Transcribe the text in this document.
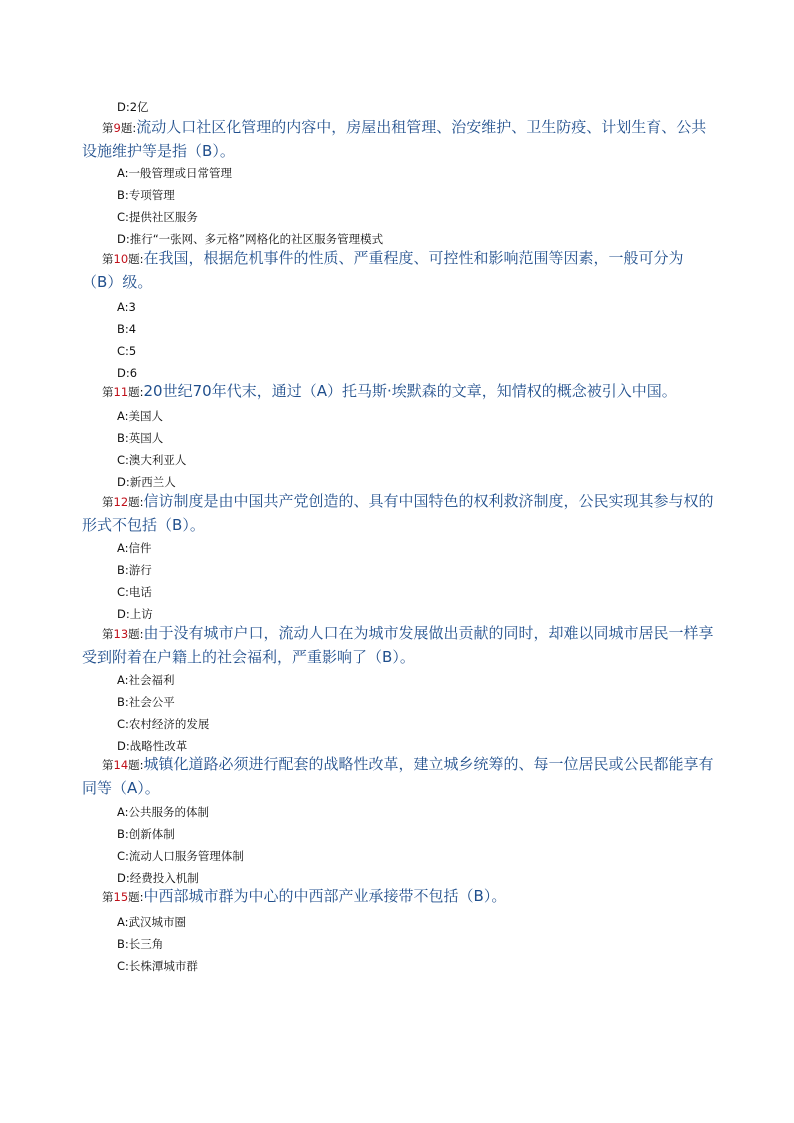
D:2亿
第9题:流动人口社区化管理的内容中，房屋出租管理、治安维护、卫生防疫、计划生育、公共设施维护等是指（B）。
A:一般管理或日常管理
B:专项管理
C:提供社区服务
D:推行“一张网、多元格”网格化的社区服务管理模式
第10题:在我国，根据危机事件的性质、严重程度、可控性和影响范围等因素，一般可分为（B）级。
A:3
B:4
C:5
D:6
第11题:20世纪70年代末，通过（A）托马斯·埃默森的文章，知情权的概念被引入中国。
A:美国人
B:英国人
C:澳大利亚人
D:新西兰人
第12题:信访制度是由中国共产党创造的、具有中国特色的权利救济制度，公民实现其参与权的形式不包括（B）。
A:信件
B:游行
C:电话
D:上访
第13题:由于没有城市户口，流动人口在为城市发展做出贡献的同时，却难以同城市居民一样享受到附着在户籍上的社会福利，严重影响了（B）。
A:社会福利
B:社会公平
C:农村经济的发展
D:战略性改革
第14题:城镇化道路必须进行配套的战略性改革，建立城乡统筹的、每一位居民或公民都能享有同等（A）。
A:公共服务的体制
B:创新体制
C:流动人口服务管理体制
D:经费投入机制
第15题:中西部城市群为中心的中西部产业承接带不包括（B）。
A:武汉城市圈
B:长三角
C:长株潭城市群
